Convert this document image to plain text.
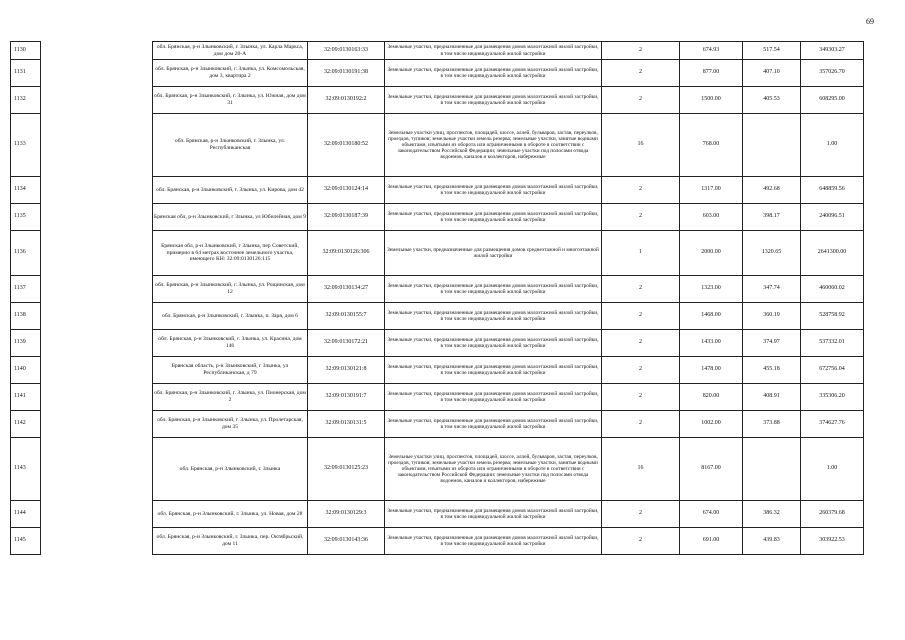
69
1130		обл. Брянская, р-н Злынковский, г. Злынка, ул. Карла Маркса, дом дом 20-А	32:09:0130163:33	Земельные участки, предназначенные для размещения домов малоэтажной жилой застройки, в том числе индивидуальной жилой застройки	2	674.93	517.54	349303.27
1131		обл. Брянская, р-н Злынковский, г. Злынка, ул. Комсомольская, дом 3, квартира 2	32:09:0130191:38	Земельные участки, предназначенные для размещения домов малоэтажной жилой застройки, в том числе индивидуальной жилой застройки	2	877.00	407.10	357026.70
1132		обл. Брянская, р-н Злынковский, г. Злынка, ул. Южная, дом дом 31	32:09:0130192:2	Земельные участки, предназначенные для размещения домов малоэтажной жилой застройки, в том числе индивидуальной жилой застройки	2	1500.00	405.53	608295.00
1133		обл. Брянская, р-н Злынковский, г. Злынка, ул. Республиканская	32:09:0130180:52	Земельные участки улиц, проспектов, площадей, шоссе, аллей, бульваров, застав, переулков, проездов, тупиков; земельные участки земель резерва; земельные участки, занятые водными объектами, изъятыми из оборота или ограниченными в обороте в соответствии с законодательством Российской Федерации; земельные участки под полосами отвода водоемов, каналов и коллекторов, набережные	16	768.00		1.00
1134		обл. Брянская, р-н Злынковский, г. Злынка, ул. Кирова, дом 42	32:09:0130124:14	Земельные участки, предназначенные для размещения домов малоэтажной жилой застройки, в том числе индивидуальной жилой застройки	2	1317.00	492.68	648859.56
1135		Брянская обл, р-н Злынковский, г Злынка, ул Юбилейная, дом 9	32:09:0130187:39	Земельные участки, предназначенные для размещения домов малоэтажной жилой застройки, в том числе индивидуальной жилой застройки	2	603.00	398.17	240096.51
1136		Брянская обл, р-н Злынковский, г Злынка, пер Советский, примерно в 64 метрах восточнее земельного участка, имеющего КН: 32:09:0130126:115	32:09:0130126:306	Земельные участки, предназначенные для размещения домов среднеэтажной и многоэтажной жилой застройки	1	2000.00	1320.65	2641300.00
1137		обл. Брянская, р-н Злынковский, г. Злынка, ул. Рощинская, дом 12	32:09:0130134:27	Земельные участки, предназначенные для размещения домов малоэтажной жилой застройки, в том числе индивидуальной жилой застройки	2	1323.00	347.74	460060.02
1138		обл. Брянская, р-н Злынковский, г. Злынка, п. Заря, дом 6	32:09:0130155:7	Земельные участки, предназначенные для размещения домов малоэтажной жилой застройки, в том числе индивидуальной жилой застройки	2	1468.00	360.19	528758.92
1139		обл. Брянская, р-н Злынковский, г. Злынка, ул. Красина, дом 146	32:09:0130172:21	Земельные участки, предназначенные для размещения домов малоэтажной жилой застройки, в том числе индивидуальной жилой застройки	2	1433.00	374.97	537332.01
1140		Брянская область, р-н Злынковский, г Злынка, ул Республиканская, д 79	32:09:0130121:8	Земельные участки, предназначенные для размещения домов малоэтажной жилой застройки, в том числе индивидуальной жилой застройки	2	1478.00	455.18	672756.04
1141		обл. Брянская, р-н Злынковский, г. Злынка, ул. Пионерская, дом 2	32:09:0130191:7	Земельные участки, предназначенные для размещения домов малоэтажной жилой застройки, в том числе индивидуальной жилой застройки	2	820.00	408.91	335306.20
1142		обл. Брянская, р-н Злынковский, г. Злынка, ул. Пролетарская, дом 35	32:09:0130131:5	Земельные участки, предназначенные для размещения домов малоэтажной жилой застройки, в том числе индивидуальной жилой застройки	2	1002.00	373.88	374627.76
1143		обл. Брянская, р-н Злынковский, г. Злынка	32:09:0130125:23	Земельные участки улиц, проспектов, площадей, шоссе, аллей, бульваров, застав, переулков, проездов, тупиков; земельные участки земель резерва; земельные участки, занятые водными объектами, изъятыми из оборота или ограниченными в обороте в соответствии с законодательством Российской Федерации; земельные участки под полосами отвода водоемов, каналов и коллекторов, набережные	16	8167.00		1.00
1144		обл. Брянская, р-н Злынковский, г. Злынка, ул. Новая, дом 28	32:09:0130129:3	Земельные участки, предназначенные для размещения домов малоэтажной жилой застройки, в том числе индивидуальной жилой застройки	2	674.00	386.32	260379.68
1145		обл. Брянская, р-н Злынковский, г. Злынка, пер. Октябрьский, дом 11	32:09:0130143:36	Земельные участки, предназначенные для размещения домов малоэтажной жилой застройки, в том числе индивидуальной жилой застройки	2	691.00	439.83	303922.53
